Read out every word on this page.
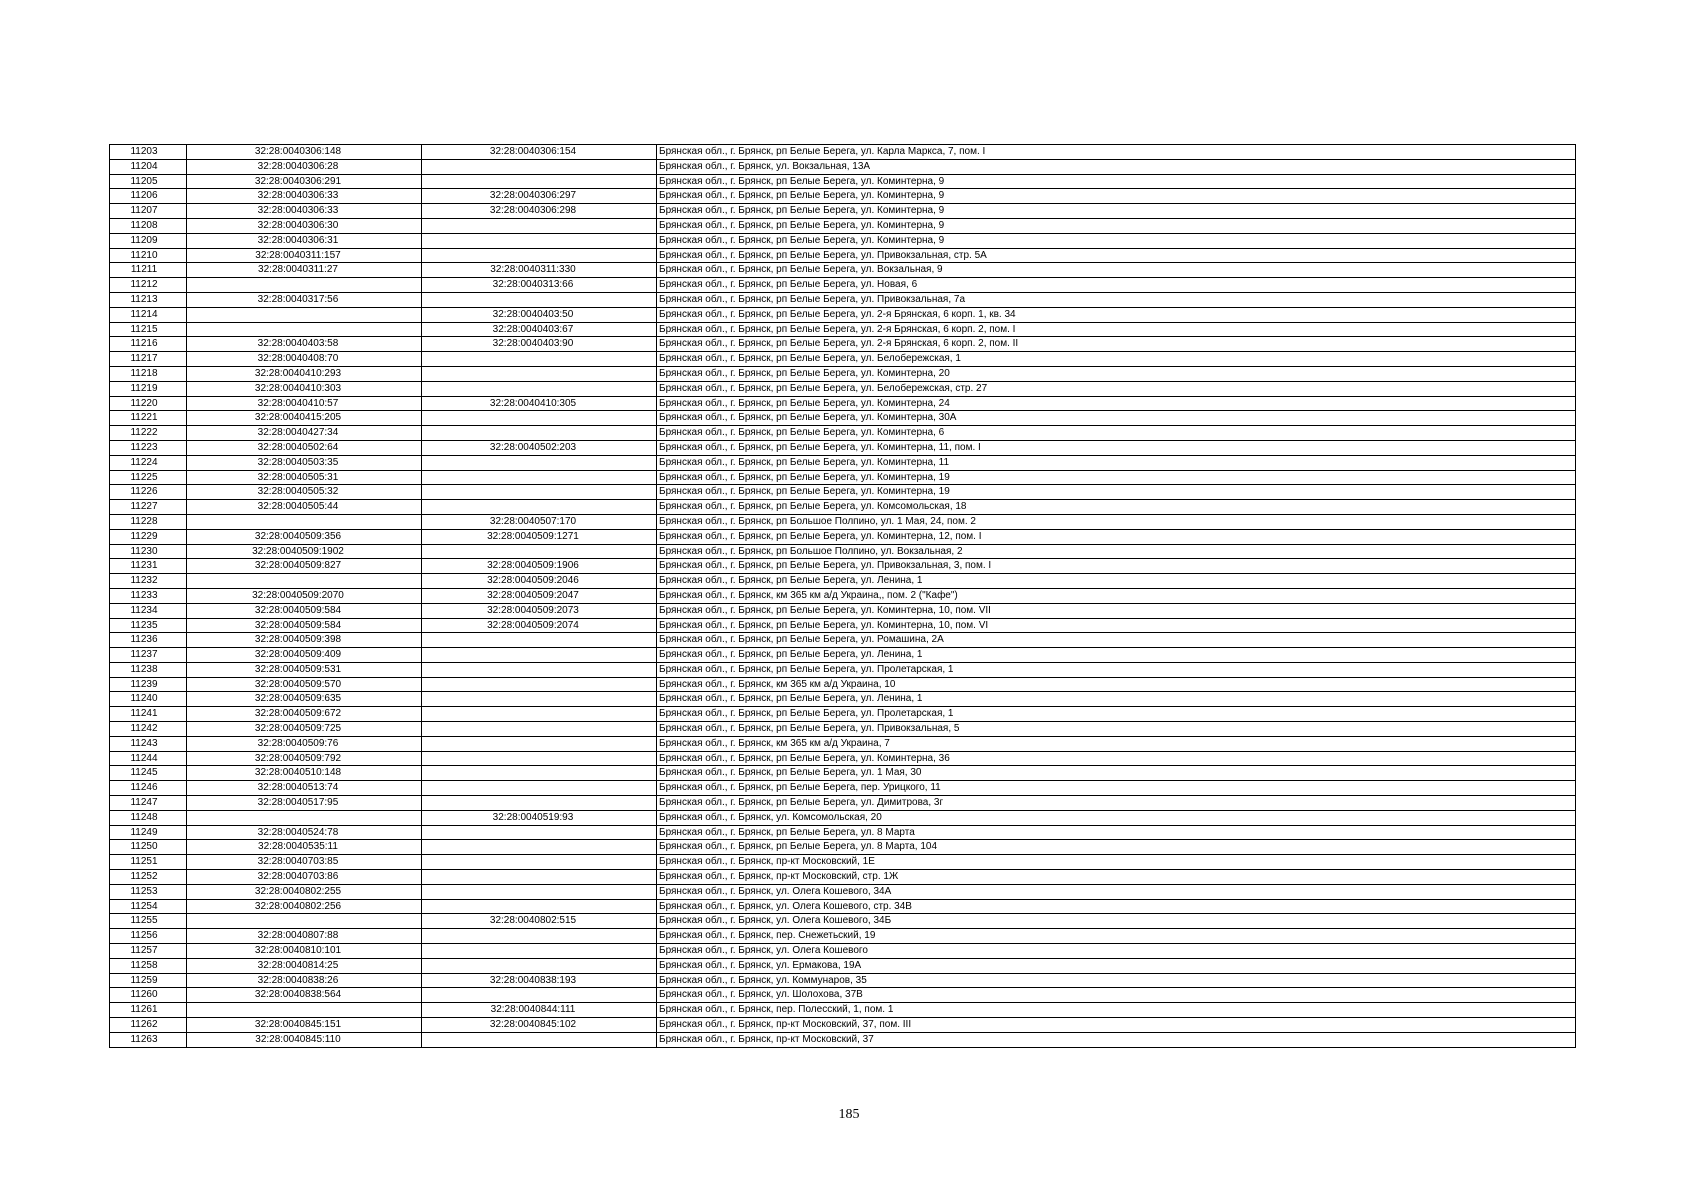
11203	32:28:0040306:148	32:28:0040306:154	Брянская обл., г. Брянск, рп Белые Берега, ул. Карла Маркса, 7, пом. I
11204	32:28:0040306:28		Брянская обл., г. Брянск, ул. Вокзальная, 13А
11205	32:28:0040306:291		Брянская обл., г. Брянск, рп Белые Берега, ул. Коминтерна, 9
11206	32:28:0040306:33	32:28:0040306:297	Брянская обл., г. Брянск, рп Белые Берега, ул. Коминтерна, 9
11207	32:28:0040306:33	32:28:0040306:298	Брянская обл., г. Брянск, рп Белые Берега, ул. Коминтерна, 9
11208	32:28:0040306:30		Брянская обл., г. Брянск, рп Белые Берега, ул. Коминтерна, 9
11209	32:28:0040306:31		Брянская обл., г. Брянск, рп Белые Берега, ул. Коминтерна, 9
11210	32:28:0040311:157		Брянская обл., г. Брянск, рп Белые Берега, ул. Привокзальная, стр. 5А
11211	32:28:0040311:27	32:28:0040311:330	Брянская обл., г. Брянск, рп Белые Берега, ул. Вокзальная, 9
11212		32:28:0040313:66	Брянская обл., г. Брянск, рп Белые Берега, ул. Новая, 6
11213	32:28:0040317:56		Брянская обл., г. Брянск, рп Белые Берега, ул. Привокзальная, 7а
11214		32:28:0040403:50	Брянская обл., г. Брянск, рп Белые Берега, ул. 2-я Брянская, 6 корп. 1, кв. 34
11215		32:28:0040403:67	Брянская обл., г. Брянск, рп Белые Берега, ул. 2-я Брянская, 6 корп. 2, пом. I
11216	32:28:0040403:58	32:28:0040403:90	Брянская обл., г. Брянск, рп Белые Берега, ул. 2-я Брянская, 6 корп. 2, пом. II
11217	32:28:0040408:70		Брянская обл., г. Брянск, рп Белые Берега, ул. Белобережская, 1
11218	32:28:0040410:293		Брянская обл., г. Брянск, рп Белые Берега, ул. Коминтерна, 20
11219	32:28:0040410:303		Брянская обл., г. Брянск, рп Белые Берега, ул. Белобережская, стр. 27
11220	32:28:0040410:57	32:28:0040410:305	Брянская обл., г. Брянск, рп Белые Берега, ул. Коминтерна, 24
11221	32:28:0040415:205		Брянская обл., г. Брянск, рп Белые Берега, ул. Коминтерна, 30А
11222	32:28:0040427:34		Брянская обл., г. Брянск, рп Белые Берега, ул. Коминтерна, 6
11223	32:28:0040502:64	32:28:0040502:203	Брянская обл., г. Брянск, рп Белые Берега, ул. Коминтерна, 11, пом. I
11224	32:28:0040503:35		Брянская обл., г. Брянск, рп Белые Берега, ул. Коминтерна, 11
11225	32:28:0040505:31		Брянская обл., г. Брянск, рп Белые Берега, ул. Коминтерна, 19
11226	32:28:0040505:32		Брянская обл., г. Брянск, рп Белые Берега, ул. Коминтерна, 19
11227	32:28:0040505:44		Брянская обл., г. Брянск, рп Белые Берега, ул. Комсомольская, 18
11228		32:28:0040507:170	Брянская обл., г. Брянск, рп Большое Полпино, ул. 1 Мая, 24, пом. 2
11229	32:28:0040509:356	32:28:0040509:1271	Брянская обл., г. Брянск, рп Белые Берега, ул. Коминтерна, 12, пом. I
11230	32:28:0040509:1902		Брянская обл., г. Брянск, рп Большое Полпино, ул. Вокзальная, 2
11231	32:28:0040509:827	32:28:0040509:1906	Брянская обл., г. Брянск, рп Белые Берега, ул. Привокзальная, 3, пом. I
11232		32:28:0040509:2046	Брянская обл., г. Брянск, рп Белые Берега, ул. Ленина, 1
11233	32:28:0040509:2070	32:28:0040509:2047	Брянская обл., г. Брянск, км 365 км а/д Украина,, пом. 2 ("Кафе")
11234	32:28:0040509:584	32:28:0040509:2073	Брянская обл., г. Брянск, рп Белые Берега, ул. Коминтерна, 10, пом. VII
11235	32:28:0040509:584	32:28:0040509:2074	Брянская обл., г. Брянск, рп Белые Берега, ул. Коминтерна, 10, пом. VI
11236	32:28:0040509:398		Брянская обл., г. Брянск, рп Белые Берега, ул. Ромашина, 2А
11237	32:28:0040509:409		Брянская обл., г. Брянск, рп Белые Берега, ул. Ленина, 1
11238	32:28:0040509:531		Брянская обл., г. Брянск, рп Белые Берега, ул. Пролетарская, 1
11239	32:28:0040509:570		Брянская обл., г. Брянск, км 365 км а/д Украина, 10
11240	32:28:0040509:635		Брянская обл., г. Брянск, рп Белые Берега, ул. Ленина, 1
11241	32:28:0040509:672		Брянская обл., г. Брянск, рп Белые Берега, ул. Пролетарская, 1
11242	32:28:0040509:725		Брянская обл., г. Брянск, рп Белые Берега, ул. Привокзальная, 5
11243	32:28:0040509:76		Брянская обл., г. Брянск, км 365 км а/д Украина, 7
11244	32:28:0040509:792		Брянская обл., г. Брянск, рп Белые Берега, ул. Коминтерна, 36
11245	32:28:0040510:148		Брянская обл., г. Брянск, рп Белые Берега, ул. 1 Мая, 30
11246	32:28:0040513:74		Брянская обл., г. Брянск, рп Белые Берега, пер. Урицкого, 11
11247	32:28:0040517:95		Брянская обл., г. Брянск, рп Белые Берега, ул. Димитрова, 3г
11248		32:28:0040519:93	Брянская обл., г. Брянск, ул. Комсомольская, 20
11249	32:28:0040524:78		Брянская обл., г. Брянск, рп Белые Берега, ул. 8 Марта
11250	32:28:0040535:11		Брянская обл., г. Брянск, рп Белые Берега, ул. 8 Марта, 104
11251	32:28:0040703:85		Брянская обл., г. Брянск, пр-кт Московский, 1Е
11252	32:28:0040703:86		Брянская обл., г. Брянск, пр-кт Московский, стр. 1Ж
11253	32:28:0040802:255		Брянская обл., г. Брянск, ул. Олега Кошевого, 34А
11254	32:28:0040802:256		Брянская обл., г. Брянск, ул. Олега Кошевого, стр. 34В
11255		32:28:0040802:515	Брянская обл., г. Брянск, ул. Олега Кошевого, 34Б
11256	32:28:0040807:88		Брянская обл., г. Брянск, пер. Снежетьский, 19
11257	32:28:0040810:101		Брянская обл., г. Брянск, ул. Олега Кошевого
11258	32:28:0040814:25		Брянская обл., г. Брянск, ул. Ермакова, 19А
11259	32:28:0040838:26	32:28:0040838:193	Брянская обл., г. Брянск, ул. Коммунаров, 35
11260	32:28:0040838:564		Брянская обл., г. Брянск, ул. Шолохова, 37В
11261		32:28:0040844:111	Брянская обл., г. Брянск, пер. Полесский, 1, пом. 1
11262	32:28:0040845:151	32:28:0040845:102	Брянская обл., г. Брянск, пр-кт Московский, 37, пом. III
11263	32:28:0040845:110		Брянская обл., г. Брянск, пр-кт Московский, 37
185
